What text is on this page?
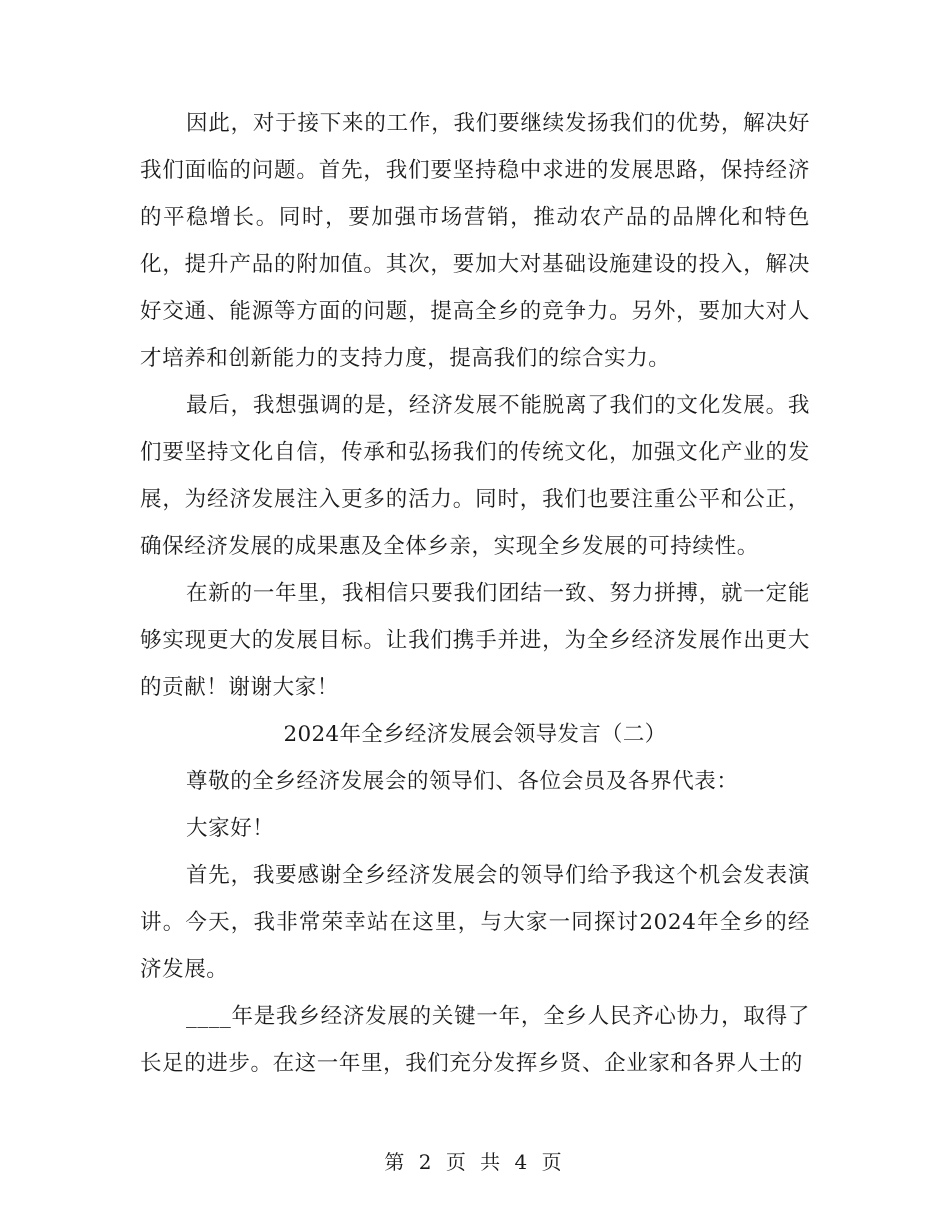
因此，对于接下来的工作，我们要继续发扬我们的优势，解决好我们面临的问题。首先，我们要坚持稳中求进的发展思路，保持经济的平稳增长。同时，要加强市场营销，推动农产品的品牌化和特色化，提升产品的附加值。其次，要加大对基础设施建设的投入，解决好交通、能源等方面的问题，提高全乡的竞争力。另外，要加大对人才培养和创新能力的支持力度，提高我们的综合实力。

最后，我想强调的是，经济发展不能脱离了我们的文化发展。我们要坚持文化自信，传承和弘扬我们的传统文化，加强文化产业的发展，为经济发展注入更多的活力。同时，我们也要注重公平和公正，确保经济发展的成果惠及全体乡亲，实现全乡发展的可持续性。

在新的一年里，我相信只要我们团结一致、努力拼搏，就一定能够实现更大的发展目标。让我们携手并进，为全乡经济发展作出更大的贡献！谢谢大家！

2024年全乡经济发展会领导发言（二）

尊敬的全乡经济发展会的领导们、各位会员及各界代表：

大家好！

首先，我要感谢全乡经济发展会的领导们给予我这个机会发表演讲。今天，我非常荣幸站在这里，与大家一同探讨2024年全乡的经济发展。

____年是我乡经济发展的关键一年，全乡人民齐心协力，取得了长足的进步。在这一年里，我们充分发挥乡贤、企业家和各界人士的

第 2 页 共 4 页
